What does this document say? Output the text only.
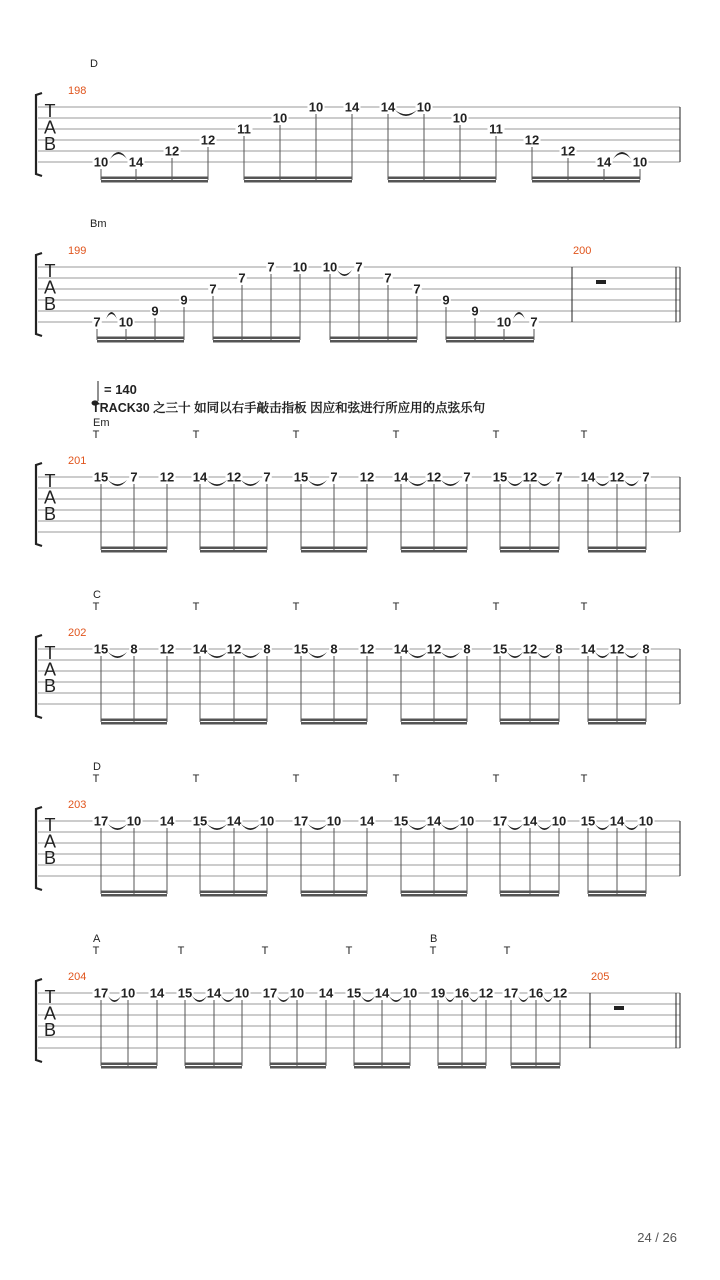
T
A
B
198
D
10 14
12
12
11
10
10 14 14 10
10
11
12
12
14 10
T
A
B
199
Bm
7 10
9
9
7
7
7 10 10 7
7
7
9
9
10 7
200
T
A
B
201
Em
T	T	T	T	T	T
15 7 12 14 12 7 15 7 12 14 12 7 15 12 7 14 12 7
T
A
B
202
C
T	T	T	T	T	T
15 8 12 14 12 8 15 8 12 14 12 8 15 12 8 14 12 8
T
A
B
203
D
T	T	T	T	T	T
17 10 14 15 14 10 17 10 14 15 14 10 17 14 10 15 14 10
T
A
B
204
A	B
T	T	T	T	T	T
17 10 14 15 14 10 17 10 14 15 14 10 19 16 12 17 16 12
205
= 140
TRACK30 之三十 如同以右手敲击指板 因应和弦进行所应用的点弦乐句
24 / 26
